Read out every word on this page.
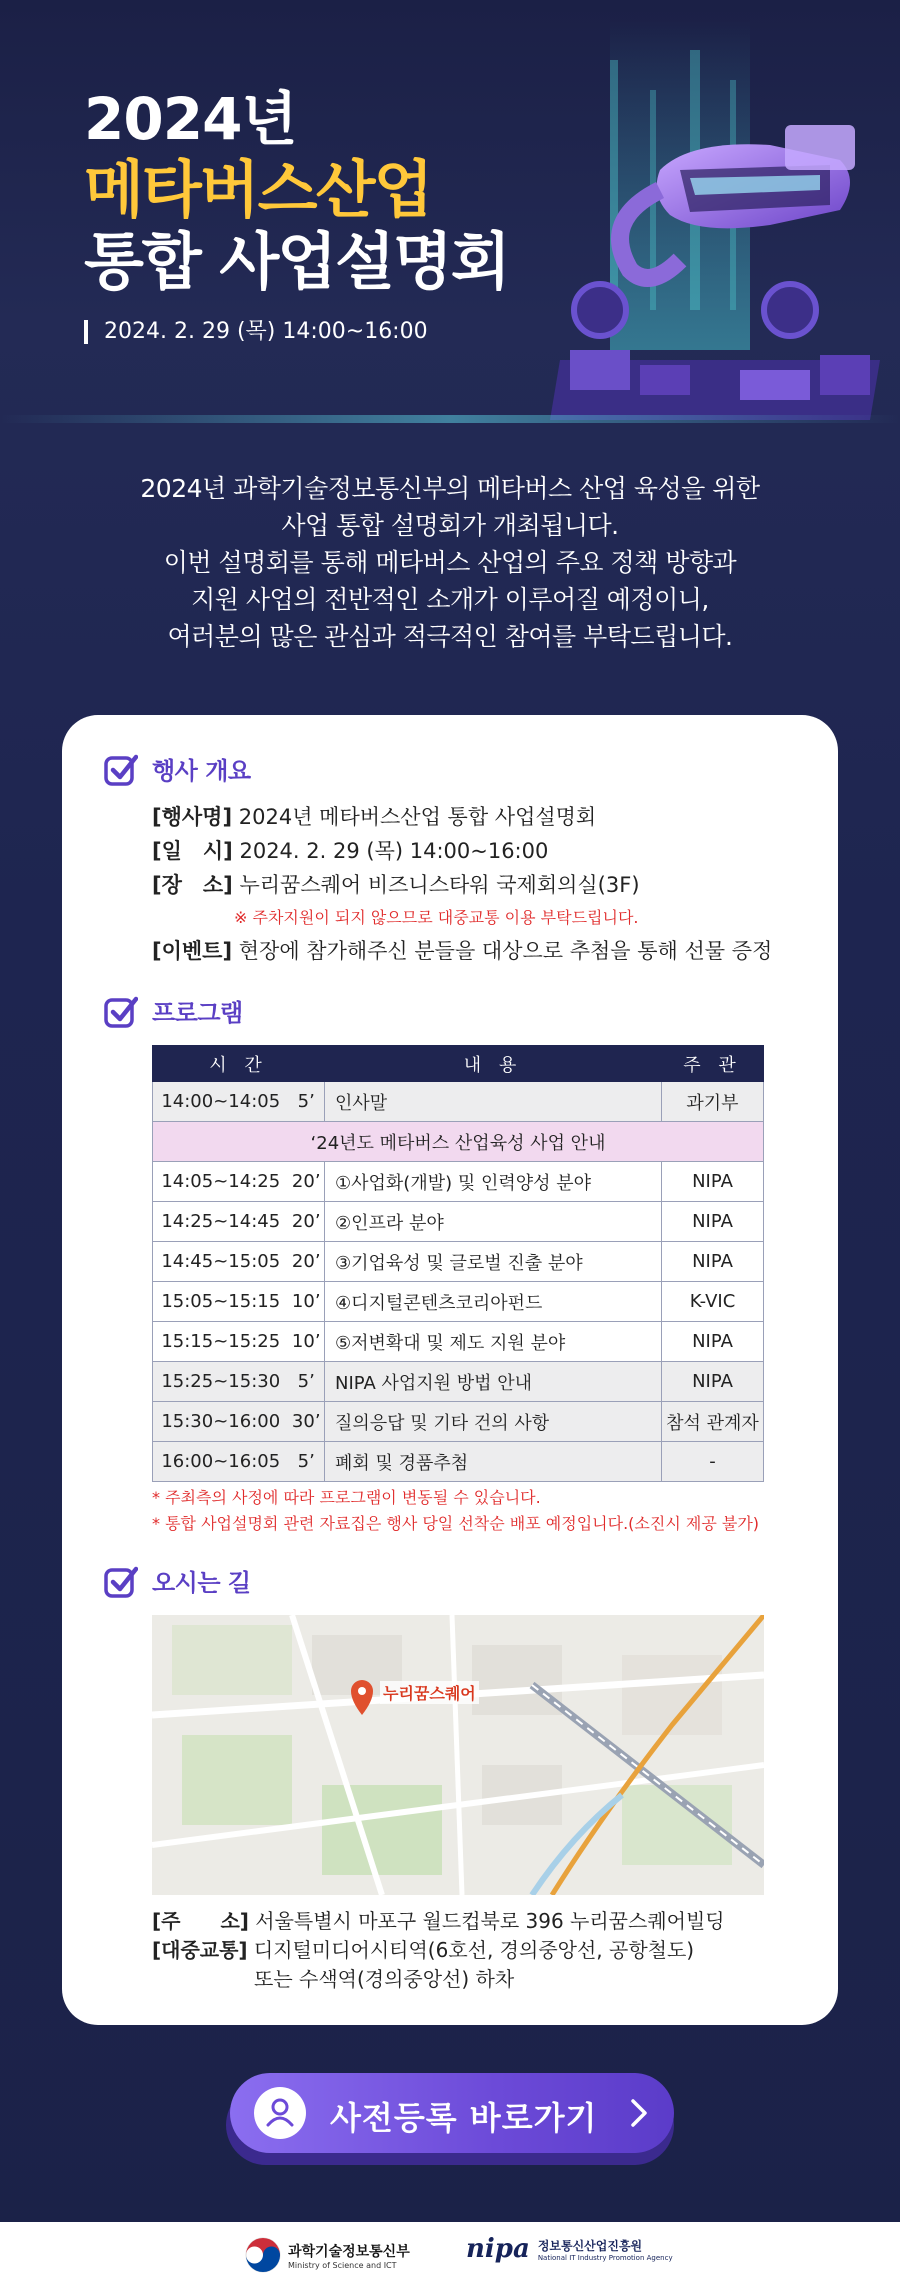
2024년
메타버스산업
통합 사업설명회
2024. 2. 29 (목) 14:00~16:00

2024년 과학기술정보통신부의 메타버스 산업 육성을 위한

사업 통합 설명회가 개최됩니다.

이번 설명회를 통해 메타버스 산업의 주요 정책 방향과

지원 사업의 전반적인 소개가 이루어질 예정이니,

여러분의 많은 관심과 적극적인 참여를 부탁드립니다.

행사 개요
[행사명] 2024년 메타버스산업 통합 사업설명회
[일　시] 2024. 2. 29 (목) 14:00~16:00
[장　소] 누리꿈스퀘어 비즈니스타워 국제회의실(3F)
※ 주차지원이 되지 않으므로 대중교통 이용 부탁드립니다.
[이벤트] 현장에 참가해주신 분들을 대상으로 추첨을 통해 선물 증정
프로그램
시 간		내 용	주 관
14:00~14:05	5’	인사말	과기부
‘24년도 메타버스 산업육성 사업 안내			
14:05~14:25	20’	①사업화(개발) 및 인력양성 분야	NIPA
14:25~14:45	20’	②인프라 분야	NIPA
14:45~15:05	20’	③기업육성 및 글로벌 진출 분야	NIPA
15:05~15:15	10’	④디지털콘텐츠코리아펀드	K-VIC
15:15~15:25	10’	⑤저변확대 및 제도 지원 분야	NIPA
15:25~15:30	5’	NIPA 사업지원 방법 안내	NIPA
15:30~16:00	30’	질의응답 및 기타 건의 사항	참석 관계자
16:00~16:05	5’	폐회 및 경품추첨	-
* 주최측의 사정에 따라 프로그램이 변동될 수 있습니다.
* 통합 사업설명회 관련 자료집은 행사 당일 선착순 배포 예정입니다.(소진시 제공 불가)
오시는 길
누리꿈스퀘어
[주　　소] 서울특별시 마포구 월드컵북로 396 누리꿈스퀘어빌딩
[대중교통] 디지털미디어시티역(6호선, 경의중앙선, 공항철도)
또는 수색역(경의중앙선) 하차
사전등록 바로가기
과학기술정보통신부
Ministry of Science and ICT
nipa 정보통신산업진흥원
National IT Industry Promotion Agency
